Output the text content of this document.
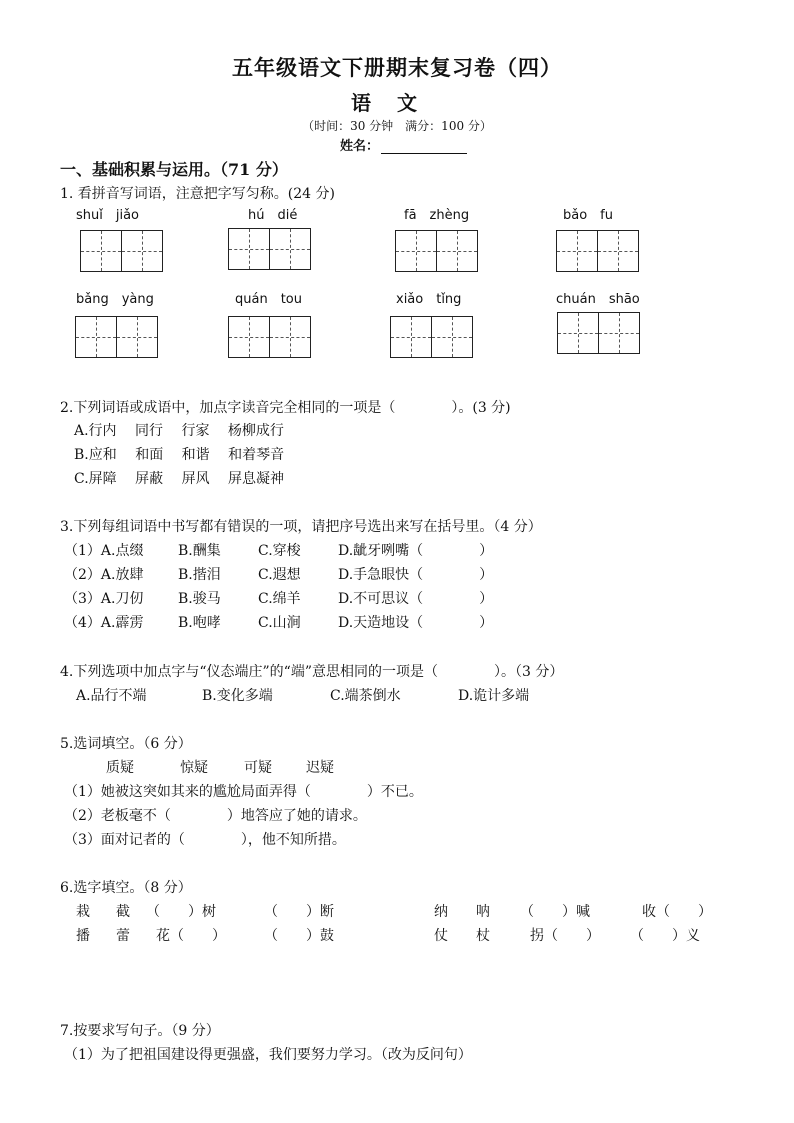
五年级语文下册期末复习卷（四）
语文
（时间：30 分钟　满分：100 分）
姓名：
一、基础积累与运用。（71 分）
1. 看拼音写词语，注意把字写匀称。(24 分)
shuǐ　jiǎo	hú　dié	fā　zhèng	bǎo　fu
bǎng　yàng	quán　tou	xiǎo　tǐng	chuán　shāo
2.下列词语或成语中，加点字读音完全相同的一项是（　　　　）。(3 分)
A.行内　 同行　 行家　 杨柳成行
B.应和　 和面　 和谐　 和着琴音
C.屏障　 屏蔽　 屏风　 屏息凝神
3.下列每组词语中书写都有错误的一项，请把序号选出来写在括号里。（4 分）
（1）A.点缀 B.酬集	C.穿梭	D.龇牙咧嘴（　　　　）
（2）A.放肆 B.揩泪	C.遐想	D.手急眼快（　　　　）
（3）A.刀仞 B.骏马	C.绵羊	D.不可思议（　　　　）
（4）A.霹雳 B.咆哮	C.山涧	D.天造地设（　　　　）
4.下列选项中加点字与“仪态端庄”的“端”意思相同的一项是（　　　　）。（3 分）
A.品行不端	B.变化多端	C.端茶倒水	D.诡计多端
5.选词填空。（6 分）
质疑	惊疑	可疑 迟疑
（1）她被这突如其来的尴尬局面弄得（　　　　）不已。
（2）老板毫不（　　　　）地答应了她的请求。
（3）面对记者的（　　　　），他不知所措。
6.选字填空。（8 分）
栽 截 （　　）树	（　　）断	纳 呐 （　　）喊	收（　　）
播 蕾 花（　　）	（　　）鼓	仗 杖	拐（　　） （　　）义
7.按要求写句子。（9 分）
（1）为了把祖国建设得更强盛，我们要努力学习。（改为反问句）
